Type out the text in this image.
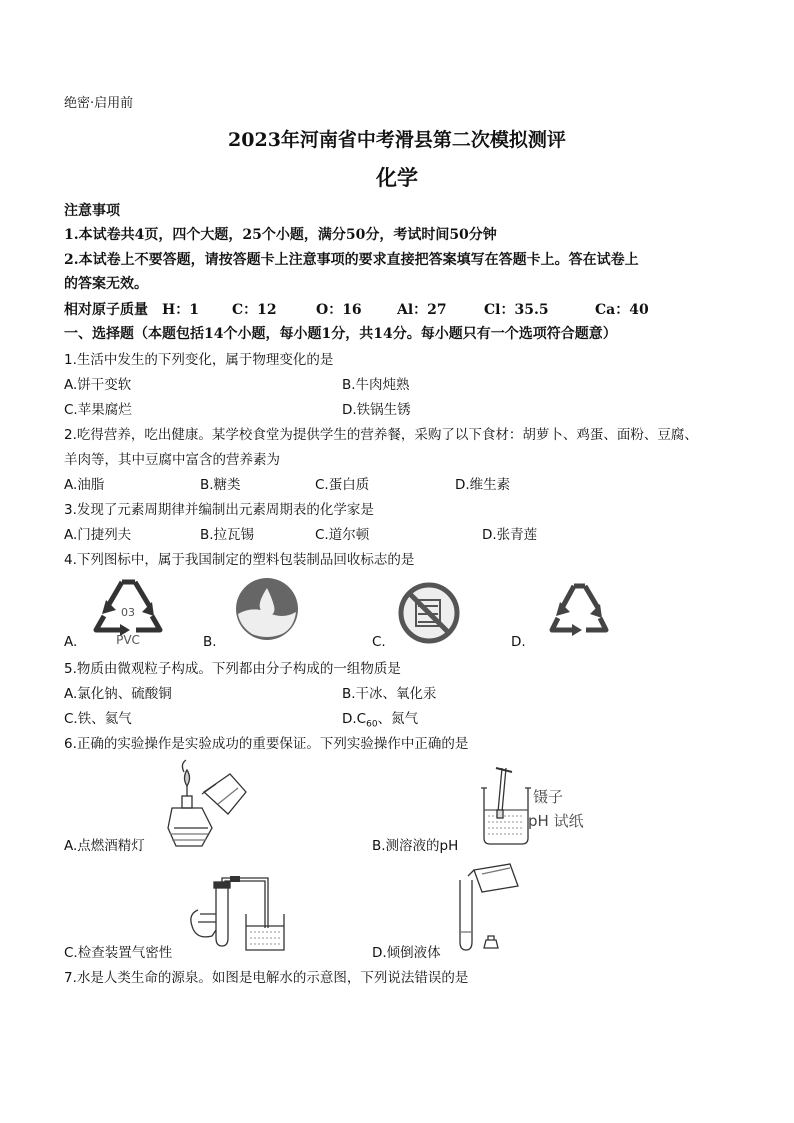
绝密·启用前
2023年河南省中考滑县第二次模拟测评
化学
注意事项
1.本试卷共4页，四个大题，25个小题，满分50分，考试时间50分钟
2.本试卷上不要答题，请按答题卡上注意事项的要求直接把答案填写在答题卡上。答在试卷上
的答案无效。
相对原子质量 H：1 C：12	O：16	Al：27	Cl：35.5	Ca：40
一、选择题（本题包括14个小题，每小题1分，共14分。每小题只有一个选项符合题意）
1.生活中发生的下列变化，属于物理变化的是
A.饼干变软	B.牛肉炖熟
C.苹果腐烂	D.铁锅生锈
2.吃得营养，吃出健康。某学校食堂为提供学生的营养餐，采购了以下食材：胡萝卜、鸡蛋、面粉、豆腐、
羊肉等，其中豆腐中富含的营养素为
A.油脂	B.糖类	C.蛋白质	D.维生素
3.发现了元素周期律并编制出元素周期表的化学家是
A.门捷列夫	B.拉瓦锡	C.道尔顿	D.张青莲
4.下列图标中，属于我国制定的塑料包装制品回收标志的是
03
PVC
A.	B.	C.	D.
5.物质由微观粒子构成。下列都由分子构成的一组物质是
A.氯化钠、硫酸铜	B.干冰、氧化汞
C.铁、氦气	$D.C_{60}$、氮气
6.正确的实验操作是实验成功的重要保证。下列实验操作中正确的是
A.点燃酒精灯
镊子
pH 试纸
B.测溶液的pH
C.检查装置气密性	D.倾倒液体
7.水是人类生命的源泉。如图是电解水的示意图，下列说法错误的是
